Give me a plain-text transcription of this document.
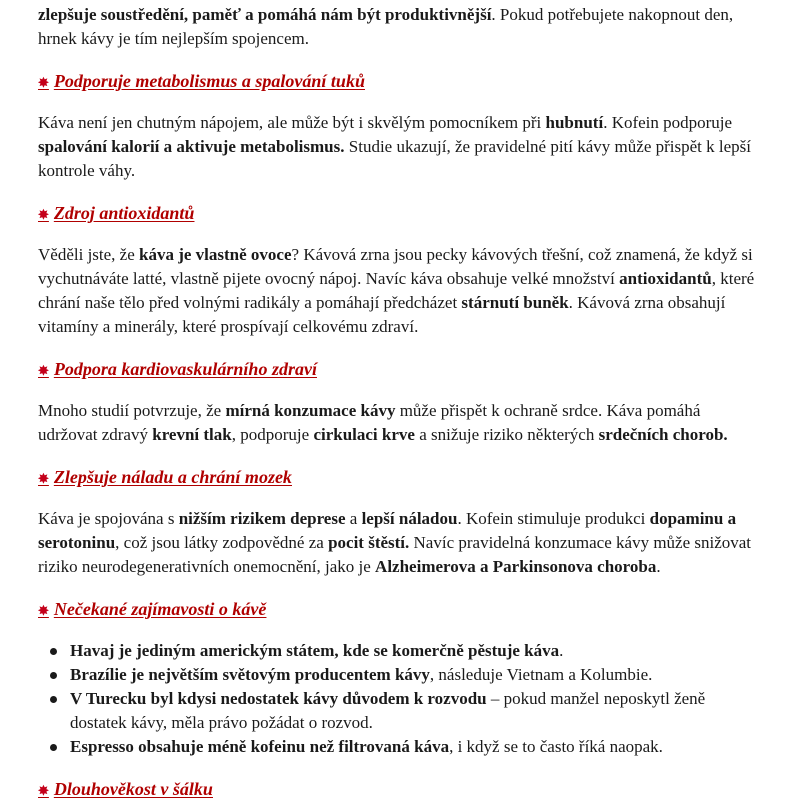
zlepšuje soustředění, paměť a pomáhá nám být produktivnější. Pokud potřebujete nakopnout den, hrnek kávy je tím nejlepším spojencem.

✸ Podporuje metabolismus a spalování tuků

Káva není jen chutným nápojem, ale může být i skvělým pomocníkem při hubnutí. Kofein podporuje spalování kalorií a aktivuje metabolismus. Studie ukazují, že pravidelné pití kávy může přispět k lepší kontrole váhy.

✸ Zdroj antioxidantů

Věděli jste, že káva je vlastně ovoce? Kávová zrna jsou pecky kávových třešní, což znamená, že když si vychutnáváte latté, vlastně pijete ovocný nápoj. Navíc káva obsahuje velké množství antioxidantů, které chrání naše tělo před volnými radikály a pomáhají předcházet stárnutí buněk. Kávová zrna obsahují vitamíny a minerály, které prospívají celkovému zdraví.

✸ Podpora kardiovaskulárního zdraví

Mnoho studií potvrzuje, že mírná konzumace kávy může přispět k ochraně srdce. Káva pomáhá udržovat zdravý krevní tlak, podporuje cirkulaci krve a snižuje riziko některých srdečních chorob.

✸ Zlepšuje náladu a chrání mozek

Káva je spojována s nižším rizikem deprese a lepší náladou. Kofein stimuluje produkci dopaminu a serotoninu, což jsou látky zodpovědné za pocit štěstí. Navíc pravidelná konzumace kávy může snižovat riziko neurodegenerativních onemocnění, jako je Alzheimerova a Parkinsonova choroba.

✸ Nečekané zajímavosti o kávě
Havaj je jediným americkým státem, kde se komerčně pěstuje káva.
Brazílie je největším světovým producentem kávy, následuje Vietnam a Kolumbie.
V Turecku byl kdysi nedostatek kávy důvodem k rozvodu – pokud manžel neposkytl ženě dostatek kávy, měla právo požádat o rozvod.
Espresso obsahuje méně kofeinu než filtrovaná káva, i když se to často říká naopak.
✸ Dlouhověkost v šálku
